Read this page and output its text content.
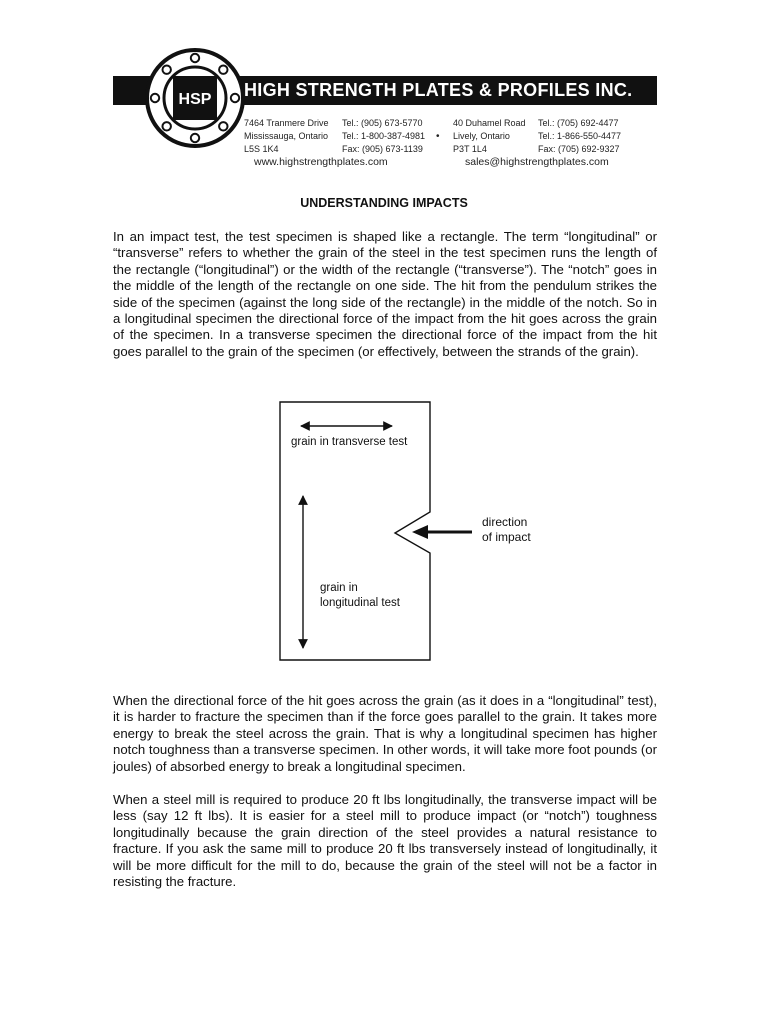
HIGH STRENGTH PLATES & PROFILES INC.
HSP
7464 Tranmere Drive
Mississauga, Ontario
L5S 1K4
Tel.: (905) 673-5770
Tel.: 1-800-387-4981
Fax: (905) 673-1139
•
40 Duhamel Road
Lively, Ontario
P3T 1L4
Tel.: (705) 692-4477
Tel.: 1-866-550-4477
Fax: (705) 692-9327
www.highstrengthplates.com	sales@highstrengthplates.com
UNDERSTANDING IMPACTS
In an impact test, the test specimen is shaped like a rectangle. The term “longitudinal” or “transverse” refers to whether the grain of the steel in the test specimen runs the length of the rectangle (“longitudinal”) or the width of the rectangle (“transverse”). The “notch” goes in the middle of the length of the rectangle on one side. The hit from the pendulum strikes the side of the specimen (against the long side of the rectangle) in the middle of the notch. So in a longitudinal specimen the directional force of the impact from the hit goes across the grain of the specimen. In a transverse specimen the directional force of the impact from the hit goes parallel to the grain of the specimen (or effectively, between the strands of the grain).
grain in transverse test
grain in
longitudinal test
direction
of impact
When the directional force of the hit goes across the grain (as it does in a “longitudinal” test), it is harder to fracture the specimen than if the force goes parallel to the grain. It takes more energy to break the steel across the grain. That is why a longitudinal specimen has higher notch toughness than a transverse specimen. In other words, it will take more foot pounds (or joules) of absorbed energy to break a longitudinal specimen.
When a steel mill is required to produce 20 ft lbs longitudinally, the transverse impact will be less (say 12 ft lbs). It is easier for a steel mill to produce impact (or “notch”) toughness longitudinally because the grain direction of the steel provides a natural resistance to fracture. If you ask the same mill to produce 20 ft lbs transversely instead of longitudinally, it will be more difficult for the mill to do, because the grain of the steel will not be a factor in resisting the fracture.
